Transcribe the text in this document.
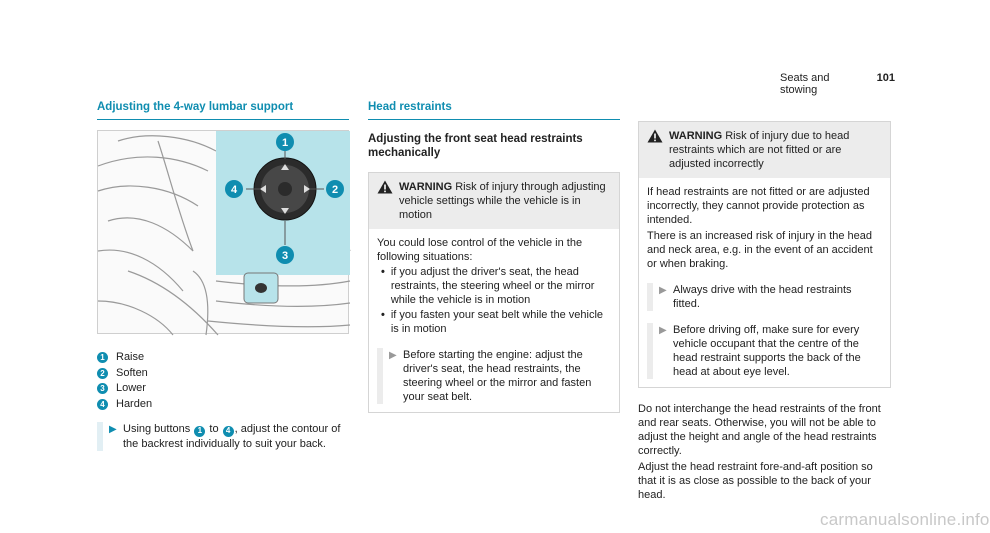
Seats and stowing
101
Adjusting the 4-way lumbar support
1
2
3
4
1 Raise
2 Soften
3 Lower
4 Harden
▶ Using buttons 1 to 4 , adjust the contour of the backrest individually to suit your back.
Head restraints
Adjusting the front seat head restraints mechanically
WARNING Risk of injury through adjusting vehicle settings while the vehicle is in motion
You could lose control of the vehicle in the following situations:
• if you adjust the driver's seat, the head restraints, the steering wheel or the mirror while the vehicle is in motion
• if you fasten your seat belt while the vehicle is in motion
▶ Before starting the engine: adjust the driver's seat, the head restraints, the steering wheel or the mirror and fasten your seat belt.
WARNING Risk of injury due to head restraints which are not fitted or are adjusted incorrectly
If head restraints are not fitted or are adjusted incorrectly, they cannot provide protection as intended.
There is an increased risk of injury in the head and neck area, e.g. in the event of an accident or when braking.
▶ Always drive with the head restraints fitted.
▶ Before driving off, make sure for every vehicle occupant that the centre of the head restraint supports the back of the head at about eye level.
Do not interchange the head restraints of the front and rear seats. Otherwise, you will not be able to adjust the height and angle of the head restraints correctly.
Adjust the head restraint fore-and-aft position so that it is as close as possible to the back of your head.
carmanualsonline.info
